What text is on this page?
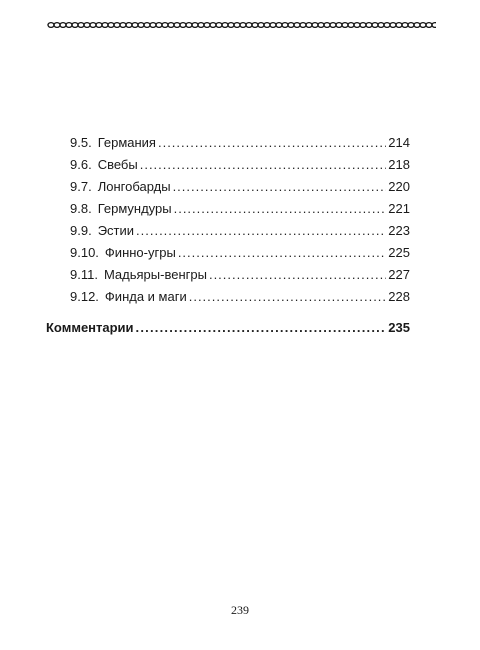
9.5. Германия .....	214
9.6. Свебы .....	218
9.7. Лонгобарды .....	220
9.8. Гермундуры .....	221
9.9. Эстии .....	223
9.10. Финно-угры .....	225
9.11. Мадьяры-венгры .....	227
9.12. Финда и маги .....	228
Комментарии .....	235
239
